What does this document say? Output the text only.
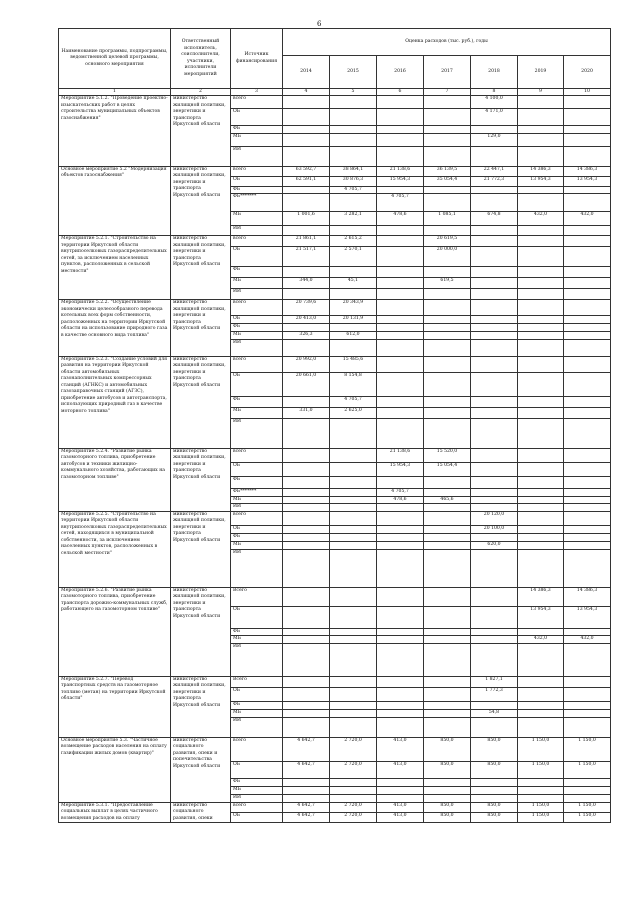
6
Наименование программы, подпрограммы, ведомственной целевой программы, основного мероприятия	Ответственный исполнитель, соисполнители, участники, исполнители мероприятий	Источник финансирования	Оценка расходов (тыс. руб.), годы						
			2014	2015	2016	2017	2018	2019	2020
1	2	3	4	5	6	7	8	9	10
Мероприятие 5.1.2. "Проведение проектно-изыскательских работ в целях строительства муниципальных объектов газоснабжения"	министерство жилищной политики, энергетики и транспорта Иркутской области	всего					4 100,0		
		ОБ					4 171,0		
		ФБ							
		МБ					129,0		
		ИИ							
Основное мероприятие 5.2 "Модернизация объектов газоснабжения"	министерство жилищной политики, энергетики и транспорта Иркутской области	всего	63 592,7	38 864,1	21 138,6	36 139,5	22 447,1	14 386,3	14 386,3
		ОБ	62 591,1	30 876,3	15 954,3	35 054,4	21 772,3	13 954,3	13 954,3
		ФБ		4 705,7					
		ФБ*******			4 705,7				
		МБ	1 001,6	3 282,1	478,6	1 085,1	674,8	432,0	432,0
		ИИ							
Мероприятие 5.2.1. "Строительство на территории Иркутской области внутрипоселковых газораспределительных сетей, за исключением населенных пунктов, расположенных в сельской местности"	министерство жилищной политики, энергетики и транспорта Иркутской области	всего	21 861,1	2 615,2		20 619,5			
		ОБ	21 517,1	2 570,1		20 000,0			
		ФБ							
		МБ	344,0	45,1		619,5			
		ИИ							
Мероприятие 5.2.2. "Осуществление экономически целесообразного перевода котельных всех форм собственности, расположенных на территории Иркутской области на использование природного газа в качестве основного вида топлива"	министерство жилищной политики, энергетики и транспорта Иркутской области	всего	20 739,6	20 343,9					
		ОБ	20 413,0	20 131,9					
		ФБ							
		МБ	326,3	612,0					
		ИИ							
Мероприятие 5.2.3. "Создание условий для развития на территории Иркутской области автомобильных газонаполнительных компрессорных станций (АГНКС) и автомобильных газозаправочных станций (АГЗС), приобретение автобусов и автотранспорта, использующих природный газ в качестве моторного топлива"	министерство жилищной политики, энергетики и транспорта Иркутской области	всего	20 992,0	15 485,6					
		ОБ	20 661,0	8 154,8					
		ФБ		4 705,7					
		МБ	331,0	2 625,0					
		ИИ							
Мероприятие 5.2.4. "Развитие рынка газомоторного топлива, приобретение автобусов и техники жилищно-коммунального хозяйства, работающих на газомоторном топливе"	министерство жилищной политики, энергетики и транспорта Иркутской области	всего			21 138,6	15 520,0			
		ОБ			15 954,3	15 054,4			
		ФБ							
		ФБ*******			4 705,7				
		МБ			478,6	465,6			
		ИИ							
Мероприятие 5.2.5. "Строительство на территории Иркутской области внутрипоселковых газораспределительных сетей, находящихся в муниципальной собственности, за исключением населенных пунктов, расположенных в сельской местности"	министерство жилищной политики, энергетики и транспорта Иркутской области	всего					20 120,0		
		ОБ					20 100,0		
		ФБ							
		МБ					620,0		
		ИИ							
Мероприятие 5.2.6. "Развитие рынка газомоторного топлива, приобретение транспорта дорожно-коммунальных служб, работающего на газомоторном топливе"	министерство жилищной политики, энергетики и транспорта Иркутской области	Всего						14 386,3	14 386,3
		ОБ						13 954,3	13 954,3
		ФБ							
		МБ						432,0	432,0
		ИИ							
Мероприятие 5.2.7. "Перевод транспортных средств на газомоторное топливо (метан) на территории Иркутской области"	министерство жилищной политики, энергетики и транспорта Иркутской области	Всего					1 827,1		
		ОБ					1 772,3		
		ФБ							
		МБ					54,8		
		ИИ							
Основное мероприятие 5.3. "Частичное возмещение расходов населения на оплату газификации жилых домов (квартир)"	министерство социального развития, опеки и попечительства Иркутской области	всего	4 642,7	2 720,0	413,0	850,0	850,0	1 150,0	1 150,0
		ОБ	4 642,7	2 720,0	413,0	850,0	850,0	1 150,0	1 150,0
		ФБ							
		МБ							
		ИИ							
Мероприятие 5.3.1. "Предоставление социальных выплат в целях частичного возмещения расходов на оплату	министерство социального развития, опеки	всего	4 642,7	2 720,0	413,0	850,0	850,0	1 150,0	1 150,0
		ОБ	4 642,7	2 720,0	413,0	850,0	850,0	1 150,0	1 150,0
